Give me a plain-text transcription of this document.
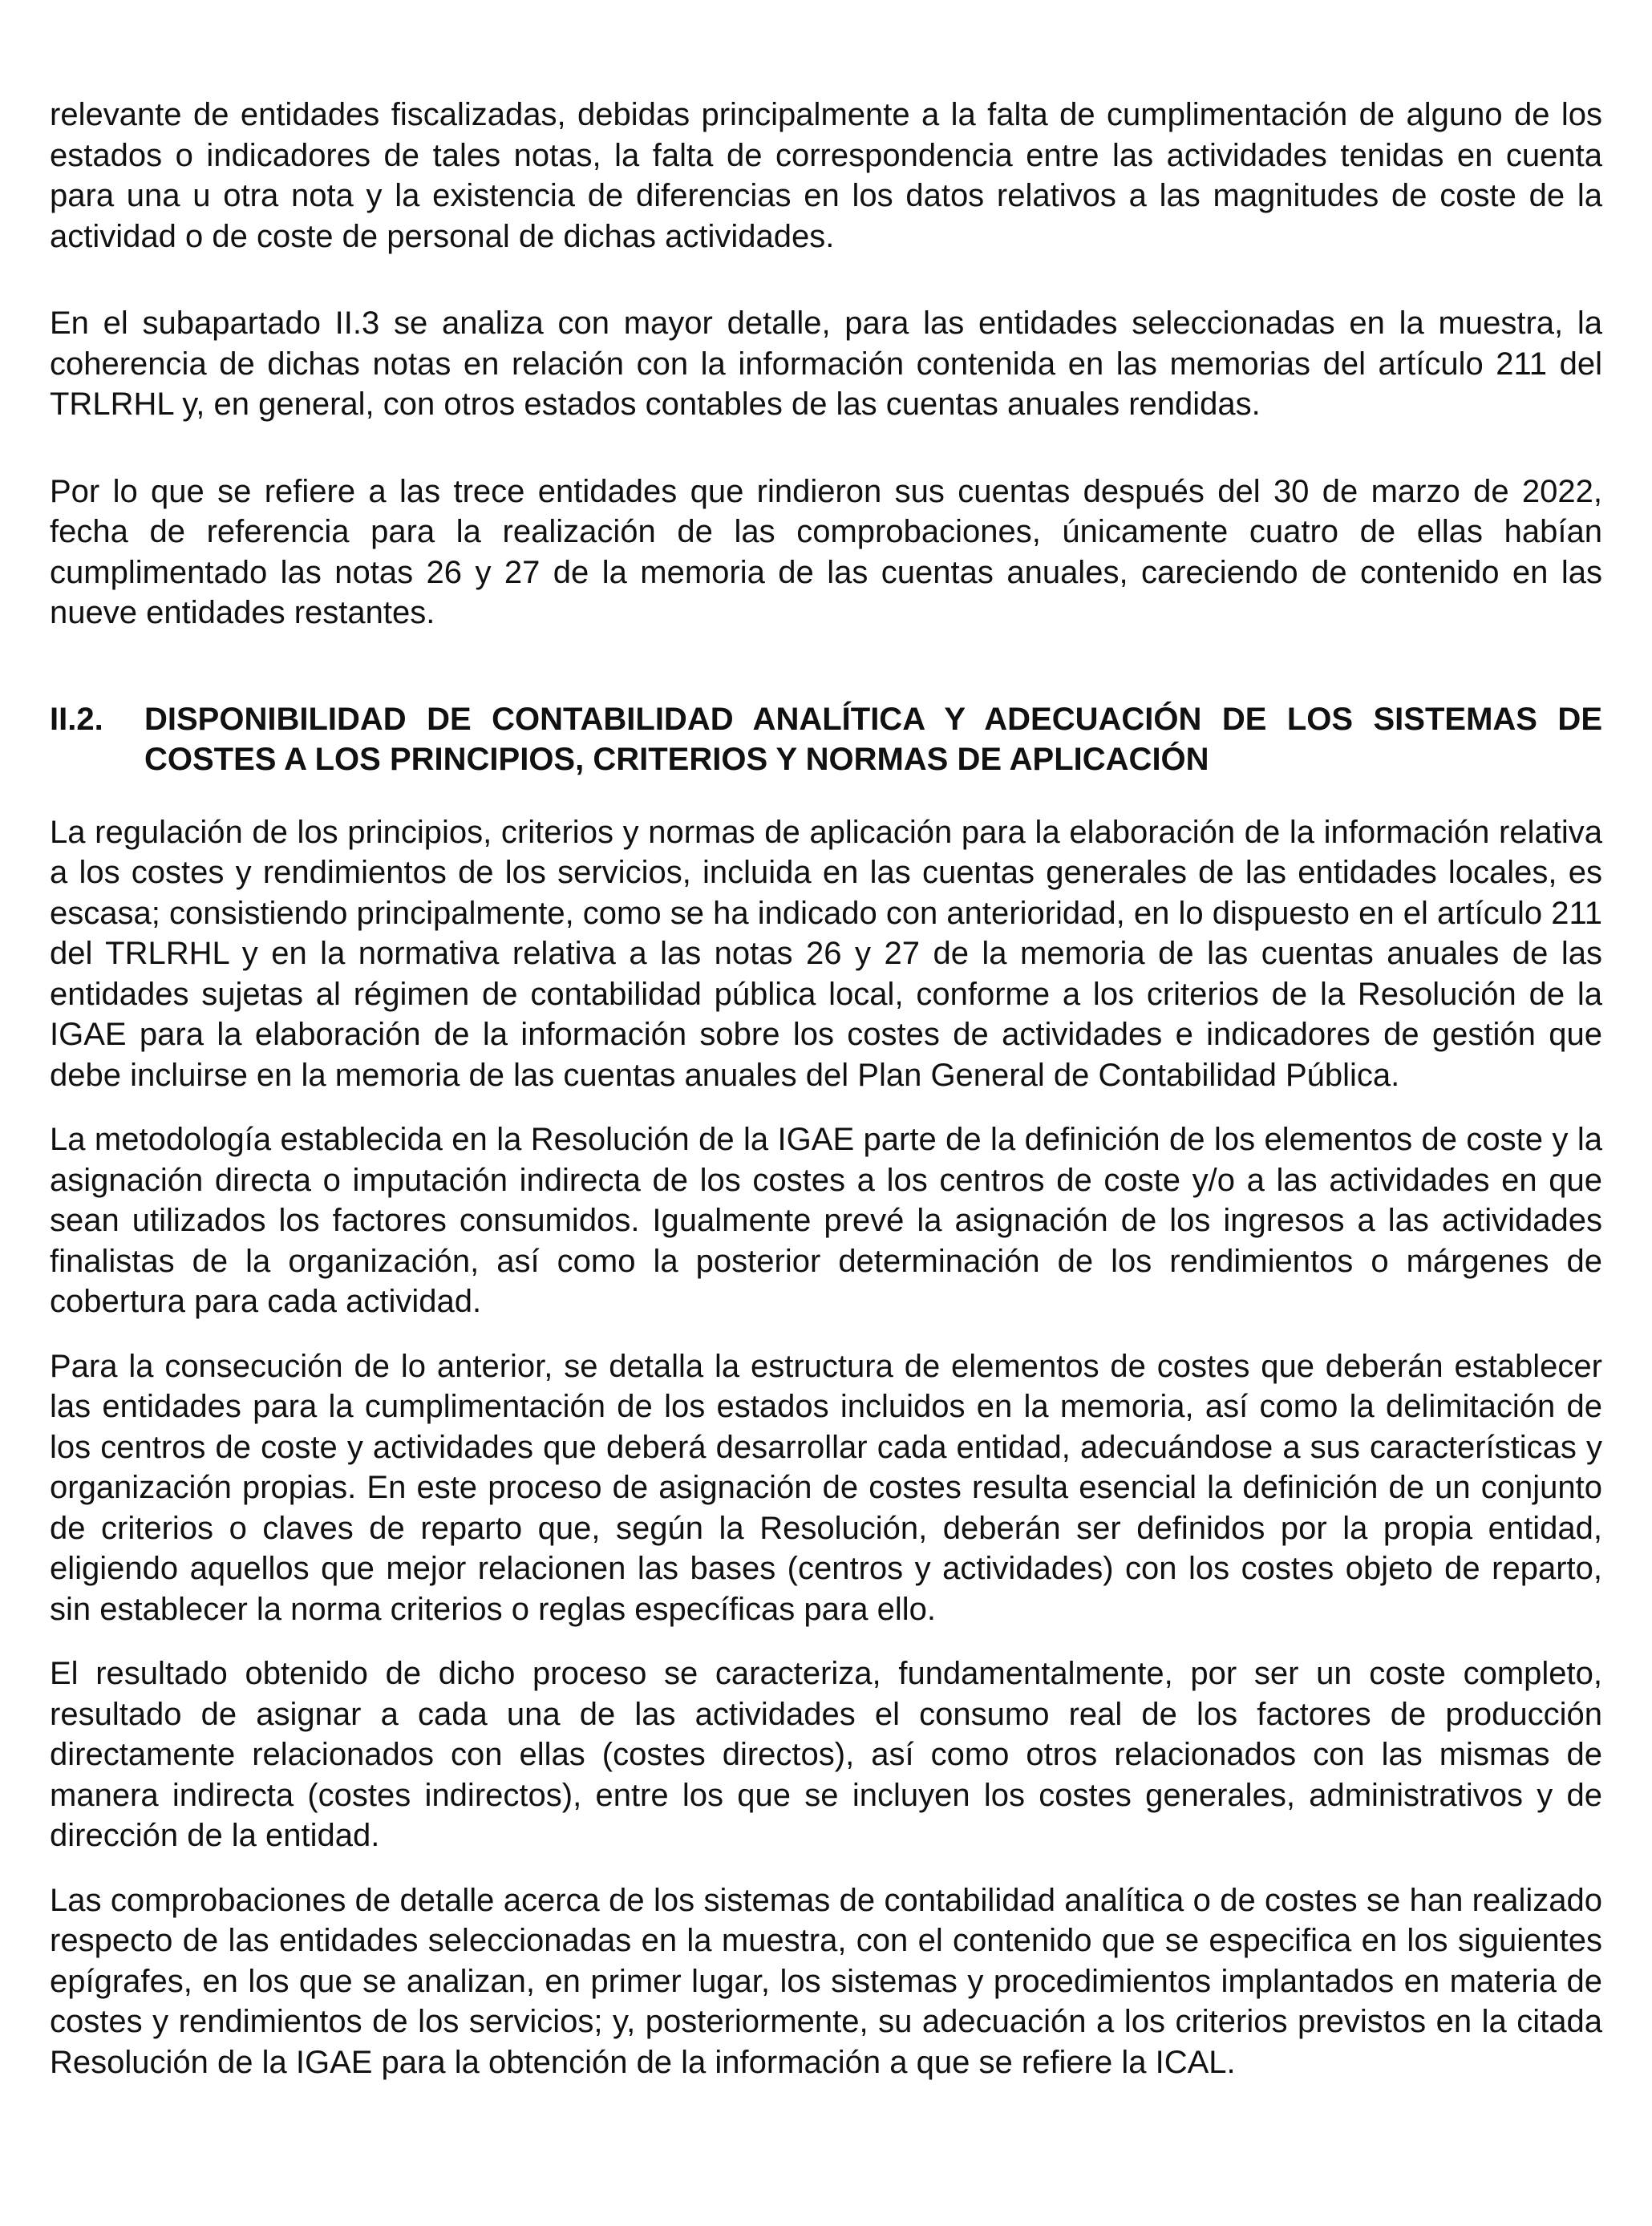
relevante de entidades fiscalizadas, debidas principalmente a la falta de cumplimentación de alguno de los estados o indicadores de tales notas, la falta de correspondencia entre las actividades tenidas en cuenta para una u otra nota y la existencia de diferencias en los datos relativos a las magnitudes de coste de la actividad o de coste de personal de dichas actividades.

En el subapartado II.3 se analiza con mayor detalle, para las entidades seleccionadas en la muestra, la coherencia de dichas notas en relación con la información contenida en las memorias del artículo 211 del TRLRHL y, en general, con otros estados contables de las cuentas anuales rendidas.

Por lo que se refiere a las trece entidades que rindieron sus cuentas después del 30 de marzo de 2022, fecha de referencia para la realización de las comprobaciones, únicamente cuatro de ellas habían cumplimentado las notas 26 y 27 de la memoria de las cuentas anuales, careciendo de contenido en las nueve entidades restantes.

II.2.	DISPONIBILIDAD DE CONTABILIDAD ANALÍTICA Y ADECUACIÓN DE LOS SISTEMAS DE COSTES A LOS PRINCIPIOS, CRITERIOS Y NORMAS DE APLICACIÓN

La regulación de los principios, criterios y normas de aplicación para la elaboración de la información relativa a los costes y rendimientos de los servicios, incluida en las cuentas generales de las entidades locales, es escasa; consistiendo principalmente, como se ha indicado con anterioridad, en lo dispuesto en el artículo 211 del TRLRHL y en la normativa relativa a las notas 26 y 27 de la memoria de las cuentas anuales de las entidades sujetas al régimen de contabilidad pública local, conforme a los criterios de la Resolución de la IGAE para la elaboración de la información sobre los costes de actividades e indicadores de gestión que debe incluirse en la memoria de las cuentas anuales del Plan General de Contabilidad Pública.

La metodología establecida en la Resolución de la IGAE parte de la definición de los elementos de coste y la asignación directa o imputación indirecta de los costes a los centros de coste y/o a las actividades en que sean utilizados los factores consumidos. Igualmente prevé la asignación de los ingresos a las actividades finalistas de la organización, así como la posterior determinación de los rendimientos o márgenes de cobertura para cada actividad.

Para la consecución de lo anterior, se detalla la estructura de elementos de costes que deberán establecer las entidades para la cumplimentación de los estados incluidos en la memoria, así como la delimitación de los centros de coste y actividades que deberá desarrollar cada entidad, adecuándose a sus características y organización propias. En este proceso de asignación de costes resulta esencial la definición de un conjunto de criterios o claves de reparto que, según la Resolución, deberán ser definidos por la propia entidad, eligiendo aquellos que mejor relacionen las bases (centros y actividades) con los costes objeto de reparto, sin establecer la norma criterios o reglas específicas para ello.

El resultado obtenido de dicho proceso se caracteriza, fundamentalmente, por ser un coste completo, resultado de asignar a cada una de las actividades el consumo real de los factores de producción directamente relacionados con ellas (costes directos), así como otros relacionados con las mismas de manera indirecta (costes indirectos), entre los que se incluyen los costes generales, administrativos y de dirección de la entidad.

Las comprobaciones de detalle acerca de los sistemas de contabilidad analítica o de costes se han realizado respecto de las entidades seleccionadas en la muestra, con el contenido que se especifica en los siguientes epígrafes, en los que se analizan, en primer lugar, los sistemas y procedimientos implantados en materia de costes y rendimientos de los servicios; y, posteriormente, su adecuación a los criterios previstos en la citada Resolución de la IGAE para la obtención de la información a que se refiere la ICAL.
